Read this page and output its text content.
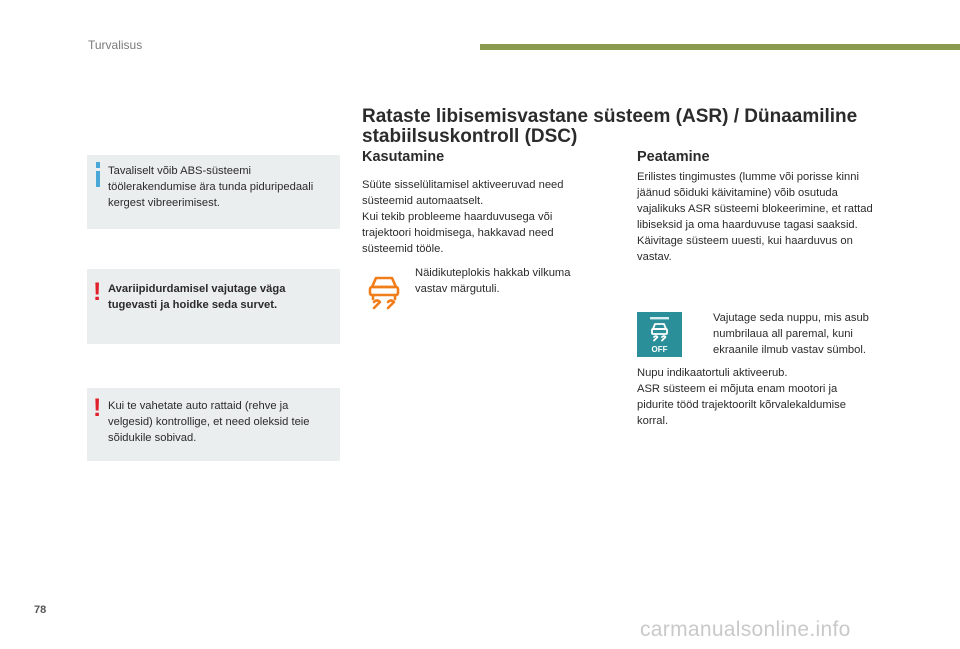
Turvalisus
Tavaliselt võib ABS-süsteemi töölerakendumise ära tunda piduripedaali kergest vibreerimisest.
! Avariipidurdamisel vajutage väga tugevasti ja hoidke seda survet.
! Kui te vahetate auto rattaid (rehve ja velgesid) kontrollige, et need oleksid teie sõidukile sobivad.
Rataste libisemisvastane süsteem (ASR) / Dünaamiline
stabiilsuskontroll (DSC)
Kasutamine
Süüte sisselülitamisel aktiveeruvad need
süsteemid automaatselt.
Kui tekib probleeme haarduvusega või
trajektoori hoidmisega, hakkavad need
süsteemid tööle.
Näidikuteplokis hakkab vilkuma
vastav märgutuli.
Peatamine
Erilistes tingimustes (lumme või porisse kinni
jäänud sõiduki käivitamine) võib osutuda
vajalikuks ASR süsteemi blokeerimine, et rattad
libiseksid ja oma haarduvuse tagasi saaksid.
Käivitage süsteem uuesti, kui haarduvus on
vastav.
OFF
Vajutage seda nuppu, mis asub
numbrilaua all paremal, kuni
ekraanile ilmub vastav sümbol.
Nupu indikaatortuli aktiveerub.
ASR süsteem ei mõjuta enam mootori ja
pidurite tööd trajektoorilt kõrvalekaldumise
korral.
78
carmanualsonline.info
